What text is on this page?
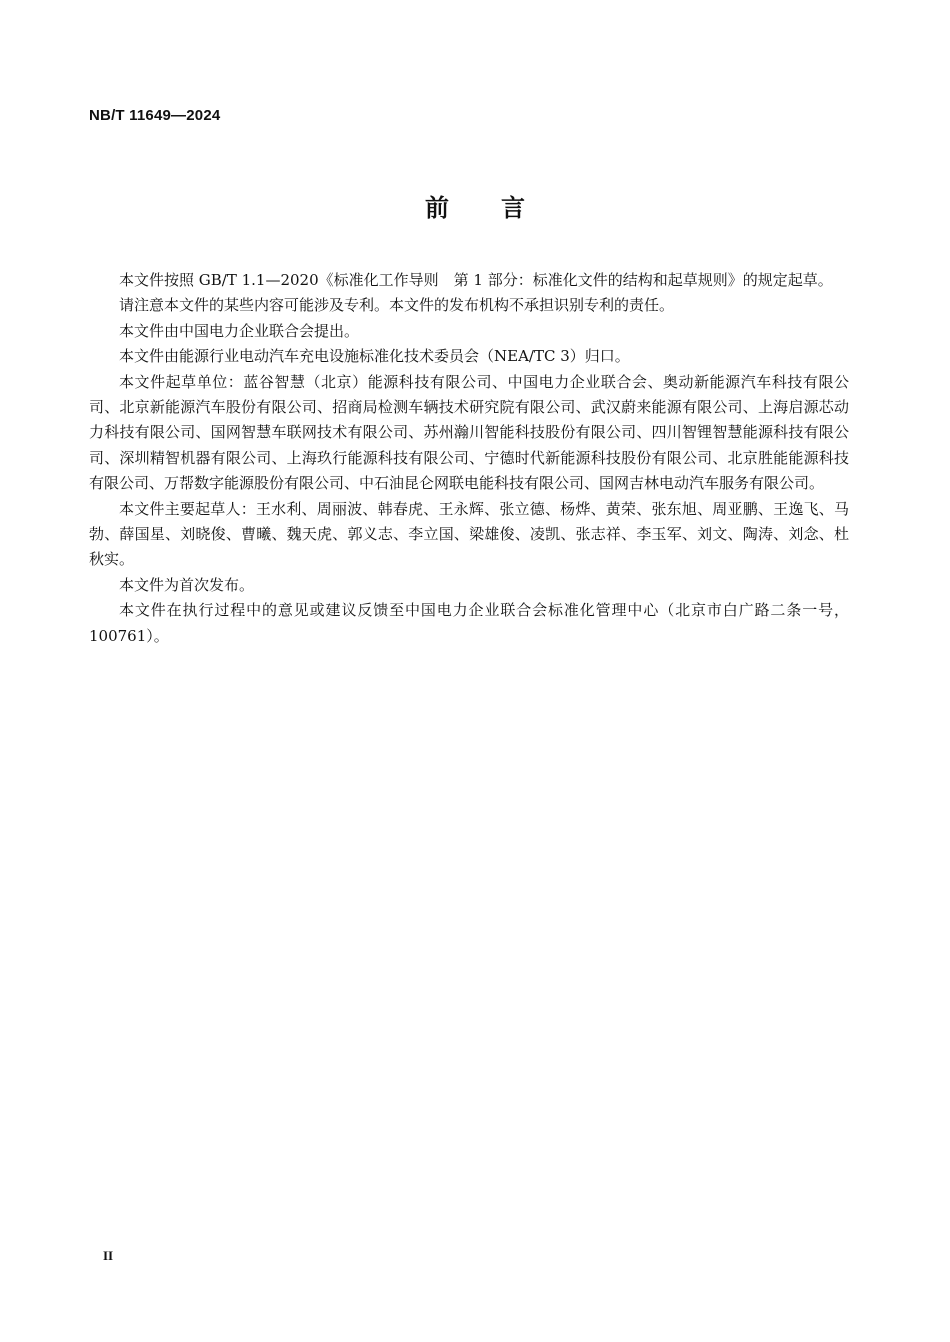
NB/T 11649—2024
前 言

本文件按照 GB/T 1.1—2020《标准化工作导则　第 1 部分：标准化文件的结构和起草规则》的规定起草。

请注意本文件的某些内容可能涉及专利。本文件的发布机构不承担识别专利的责任。

本文件由中国电力企业联合会提出。

本文件由能源行业电动汽车充电设施标准化技术委员会（NEA/TC 3）归口。

本文件起草单位：蓝谷智慧（北京）能源科技有限公司、中国电力企业联合会、奥动新能源汽车科技有限公司、北京新能源汽车股份有限公司、招商局检测车辆技术研究院有限公司、武汉蔚来能源有限公司、上海启源芯动力科技有限公司、国网智慧车联网技术有限公司、苏州瀚川智能科技股份有限公司、四川智锂智慧能源科技有限公司、深圳精智机器有限公司、上海玖行能源科技有限公司、宁德时代新能源科技股份有限公司、北京胜能能源科技有限公司、万帮数字能源股份有限公司、中石油昆仑网联电能科技有限公司、国网吉林电动汽车服务有限公司。

本文件主要起草人：王水利、周丽波、韩春虎、王永辉、张立德、杨烨、黄荣、张东旭、周亚鹏、王逸飞、马勃、薛国星、刘晓俊、曹曦、魏天虎、郭义志、李立国、梁雄俊、凌凯、张志祥、李玉军、刘文、陶涛、刘念、杜秋实。

本文件为首次发布。

本文件在执行过程中的意见或建议反馈至中国电力企业联合会标准化管理中心（北京市白广路二条一号，100761）。

II
